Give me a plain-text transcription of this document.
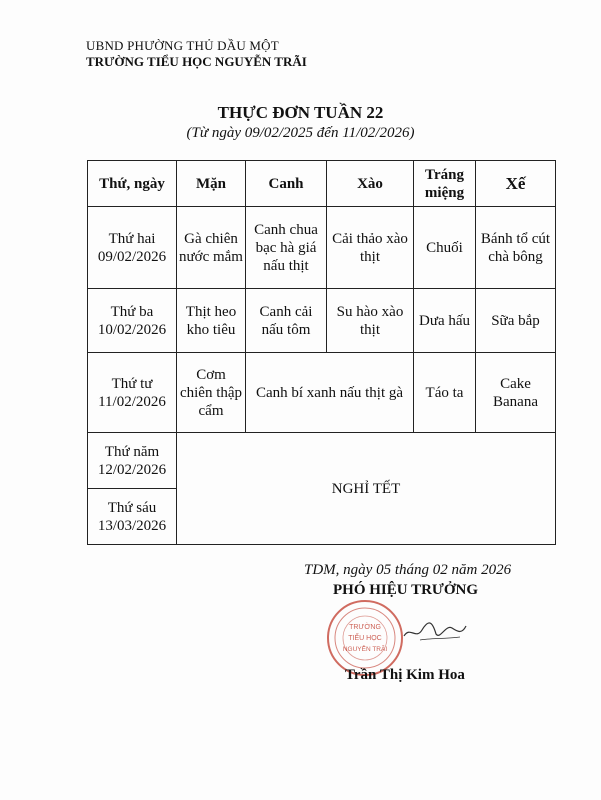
UBND PHƯỜNG THỦ DẦU MỘT
TRƯỜNG TIỂU HỌC NGUYỄN TRÃI
THỰC ĐƠN TUẦN 22
(Từ ngày 09/02/2025 đến 11/02/2026)
Thứ, ngày	Mặn	Canh	Xào	Tráng miệng	Xế
Thứ hai 09/02/2026	Gà chiên nước mắm	Canh chua bạc hà giá nấu thịt	Cải thảo xào thịt	Chuối	Bánh tổ cút chà bông
Thứ ba 10/02/2026	Thịt heo kho tiêu	Canh cải nấu tôm	Su hào xào thịt	Dưa hấu	Sữa bắp
Thứ tư 11/02/2026	Cơm chiên thập cẩm	Canh bí xanh nấu thịt gà		Táo ta	Cake Banana
Thứ năm 12/02/2026	NGHỈ TẾT				
Thứ sáu 13/03/2026					
TDM, ngày 05 tháng 02 năm 2026
PHÓ HIỆU TRƯỞNG
TRƯỜNG
TIỂU HỌC
NGUYỄN TRÃI
Trần Thị Kim Hoa
